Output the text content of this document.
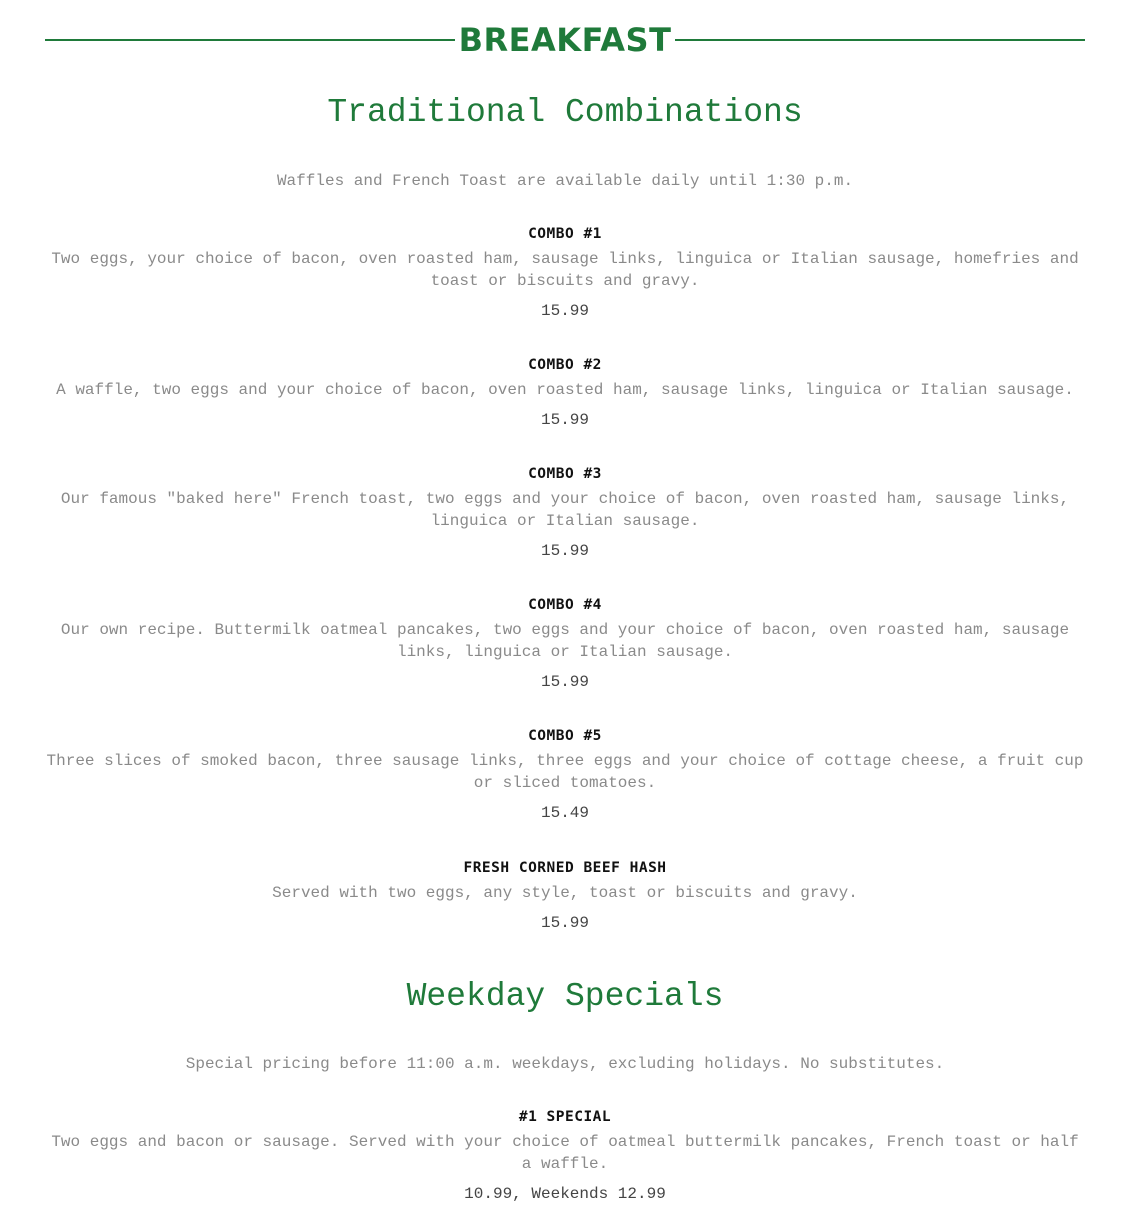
BREAKFAST
Traditional Combinations
Waffles and French Toast are available daily until 1:30 p.m.
COMBO #1
Two eggs, your choice of bacon, oven roasted ham, sausage links, linguica or Italian sausage, homefries and toast or biscuits and gravy.
15.99
COMBO #2
A waffle, two eggs and your choice of bacon, oven roasted ham, sausage links, linguica or Italian sausage.
15.99
COMBO #3
Our famous "baked here" French toast, two eggs and your choice of bacon, oven roasted ham, sausage links, linguica or Italian sausage.
15.99
COMBO #4
Our own recipe. Buttermilk oatmeal pancakes, two eggs and your choice of bacon, oven roasted ham, sausage links, linguica or Italian sausage.
15.99
COMBO #5
Three slices of smoked bacon, three sausage links, three eggs and your choice of cottage cheese, a fruit cup or sliced tomatoes.
15.49
FRESH CORNED BEEF HASH
Served with two eggs, any style, toast or biscuits and gravy.
15.99
Weekday Specials
Special pricing before 11:00 a.m. weekdays, excluding holidays. No substitutes.
#1 SPECIAL
Two eggs and bacon or sausage. Served with your choice of oatmeal buttermilk pancakes, French toast or half a waffle.
10.99, Weekends 12.99
